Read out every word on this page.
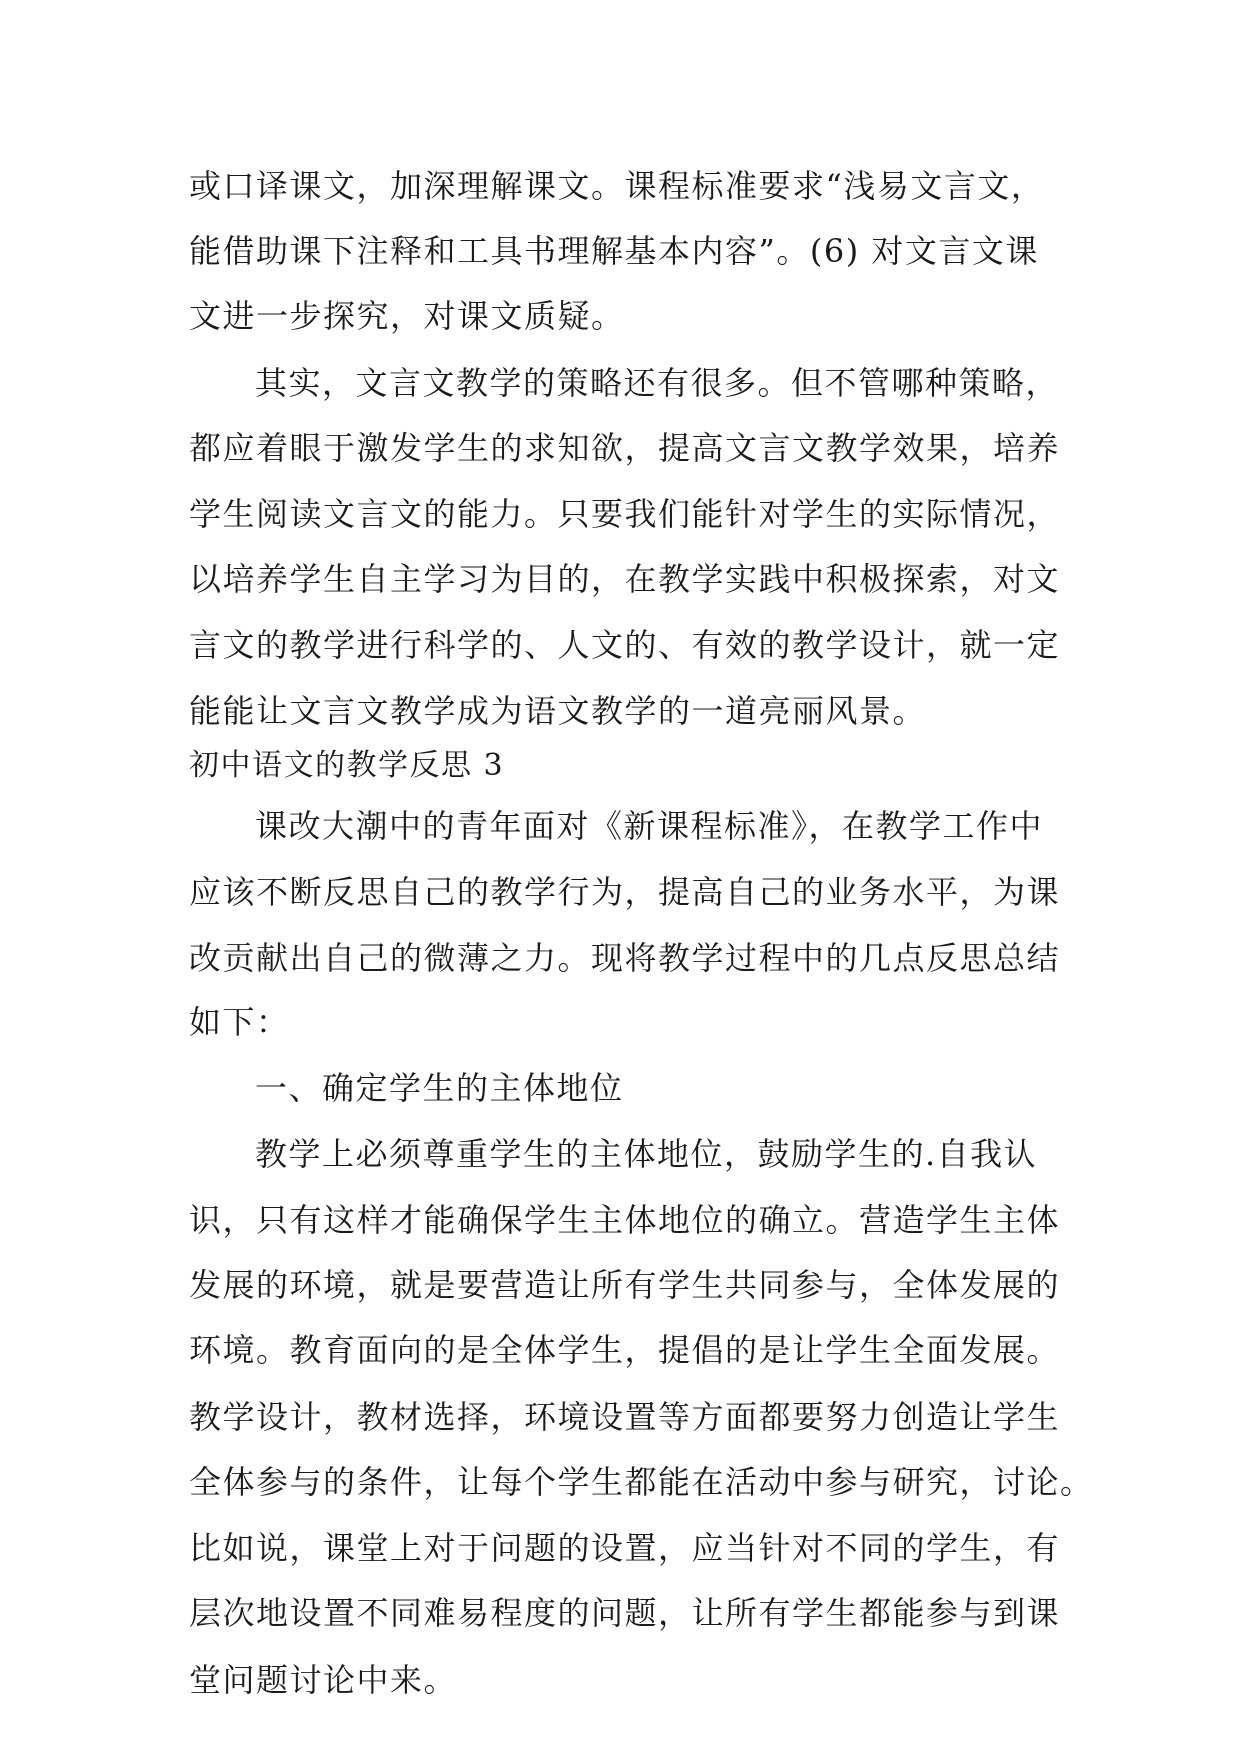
或口译课文，加深理解课文。课程标准要求“浅易文言文，
能借助课下注释和工具书理解基本内容”。(6) 对文言文课
文进一步探究，对课文质疑。
其实，文言文教学的策略还有很多。但不管哪种策略，
都应着眼于激发学生的求知欲，提高文言文教学效果，培养
学生阅读文言文的能力。只要我们能针对学生的实际情况，
以培养学生自主学习为目的，在教学实践中积极探索，对文
言文的教学进行科学的、人文的、有效的教学设计，就一定
能能让文言文教学成为语文教学的一道亮丽风景。
初中语文的教学反思 3
课改大潮中的青年面对《新课程标准》，在教学工作中
应该不断反思自己的教学行为，提高自己的业务水平，为课
改贡献出自己的微薄之力。现将教学过程中的几点反思总结
如下：
一、确定学生的主体地位
教学上必须尊重学生的主体地位，鼓励学生的.自我认
识，只有这样才能确保学生主体地位的确立。营造学生主体
发展的环境，就是要营造让所有学生共同参与，全体发展的
环境。教育面向的是全体学生，提倡的是让学生全面发展。
教学设计，教材选择，环境设置等方面都要努力创造让学生
全体参与的条件，让每个学生都能在活动中参与研究，讨论。
比如说，课堂上对于问题的设置，应当针对不同的学生，有
层次地设置不同难易程度的问题，让所有学生都能参与到课
堂问题讨论中来。
